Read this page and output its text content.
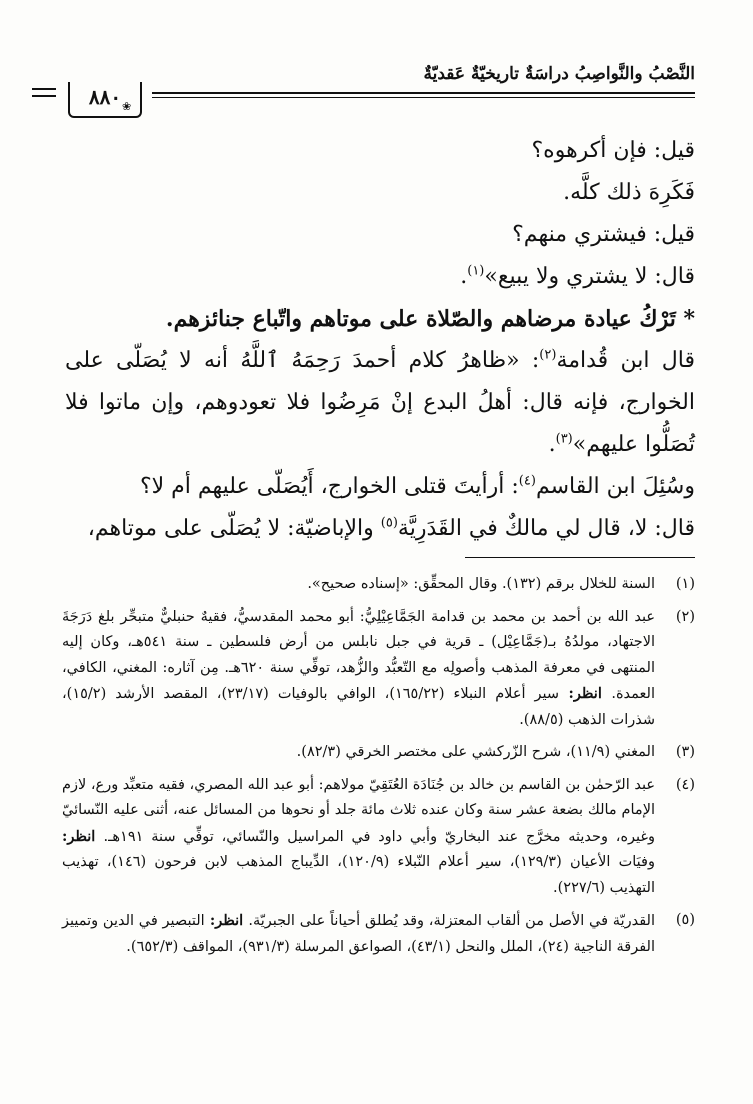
النَّصْبُ والنَّواصِبُ دراسَةٌ تاريخيّةٌ عَقديّةٌ
٨٨٠ ❀

قيل: فإن أكرهوه؟

فَكَرِهَ ذلك كلَّه.

قيل: فيشتري منهم؟

قال: لا يشتري ولا يبيع»$^{(١)}$.

* تَرْكُ عيادة مرضاهم والصّلاة على موتاهم واتّباع جنائزهم.

قال ابن قُدامة$^{(٢)}$: «ظاهرُ كلام أحمدَ رَحِمَهُ ٱللَّهُ أنه لا يُصَلّى على الخوارج، فإنه قال: أهلُ البدع إنْ مَرِضُوا فلا تعودوهم، وإن ماتوا فلا تُصَلُّوا عليهم»$^{(٣)}$.

وسُئِلَ ابن القاسم$^{(٤)}$: أرأيتَ قتلى الخوارج، أَيُصَلّى عليهم أم لا؟

قال: لا، قال لي مالكٌ في القَدَرِيَّة$^{(٥)}$ والإباضيّة: لا يُصَلّى على موتاهم،

(١)
السنة للخلال برقم (١٣٢). وقال المحقِّق: «إسناده صحيح».
(٢)
عبد الله بن أحمد بن محمد بن قدامة الجَمَّاعِيْلِيُّ: أبو محمد المقدسيُّ، فقيهٌ حنبليٌّ متبحِّر بلغ دَرَجَةَ الاجتهاد، مولدُهُ بـ(جَمَّاعِيْل) ـ قرية في جبل نابلس من أرض فلسطين ـ سنة ٥٤١هـ، وكان إليه المنتهى في معرفة المذهب وأصولِه مع التّعبُّد والزُّهد، توفِّي سنة ٦٢٠هـ. مِن آثاره: المغني، الكافي، العمدة. انظر: سير أعلام النبلاء (١٦٥/٢٢)، الوافي بالوفيات (٢٣/١٧)، المقصد الأرشد (١٥/٢)، شذرات الذهب (٨٨/٥).
(٣)
المغني (١١/٩)، شرح الزّركشي على مختصر الخرقي (٨٢/٣).
(٤)
عبد الرّحمٰن بن القاسم بن خالد بن جُنَادَة العُتَقِيّ مولاهم: أبو عبد الله المصري، فقيه متعبِّد ورع، لازم الإمام مالك بضعة عشر سنة وكان عنده ثلاث مائة جلد أو نحوها من المسائل عنه، أثنى عليه النّسائيّ وغيره، وحديثه مخرَّج عند البخاريّ وأبي داود في المراسيل والنّسائي، توفِّي سنة ١٩١هـ. انظر: وفيَات الأعيان (١٢٩/٣)، سير أعلام النّبلاء (١٢٠/٩)، الدِّيباج المذهب لابن فرحون (١٤٦)، تهذيب التهذيب (٢٢٧/٦).
(٥)
القدريّة في الأصل من ألقاب المعتزلة، وقد يُطلق أحياناً على الجبريّة. انظر: التبصير في الدين وتمييز الفرقة الناجية (٢٤)، الملل والنحل (٤٣/١)، الصواعق المرسلة (٩٣١/٣)، المواقف (٦٥٢/٣).
